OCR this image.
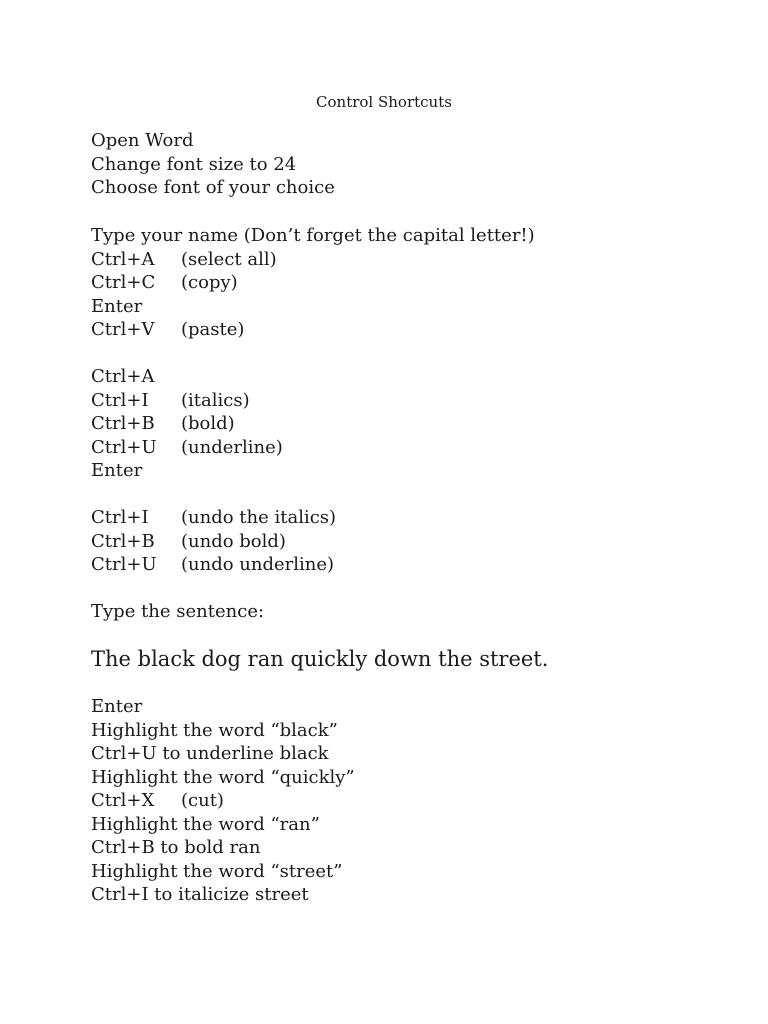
Control Shortcuts
Open Word
Change font size to 24
Choose font of your choice
Type your name (Don’t forget the capital letter!)
Ctrl+A (select all)
Ctrl+C (copy)
Enter
Ctrl+V (paste)
Ctrl+A
Ctrl+I (italics)
Ctrl+B (bold)
Ctrl+U (underline)
Enter
Ctrl+I (undo the italics)
Ctrl+B (undo bold)
Ctrl+U (undo underline)
Type the sentence:
The black dog ran quickly down the street.
Enter
Highlight the word “black”
Ctrl+U to underline black
Highlight the word “quickly”
Ctrl+X (cut)
Highlight the word “ran”
Ctrl+B to bold ran
Highlight the word “street”
Ctrl+I to italicize street
